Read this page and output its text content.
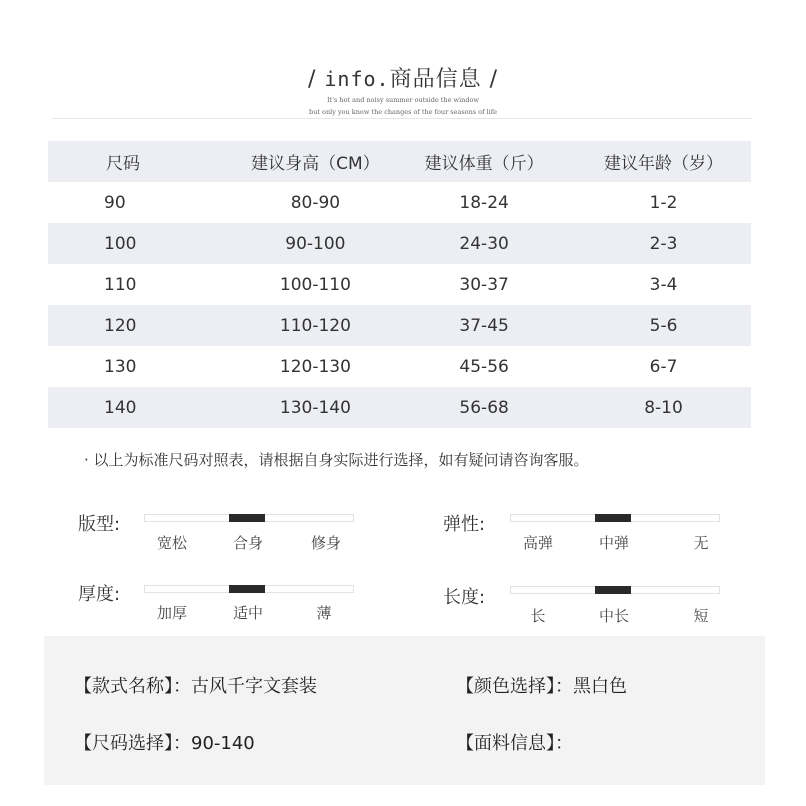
/ info.商品信息 /
It's hot and noisy summer outside the window
but only you know the changes of the four seasons of life
尺码	建议身高（CM）	建议体重（斤）	建议年龄（岁）
90	80-90	18-24	1-2
100	90-100	24-30	2-3
110	100-110	30-37	3-4
120	110-120	37-45	5-6
130	120-130	45-56	6-7
140	130-140	56-68	8-10
· 以上为标准尺码对照表，请根据自身实际进行选择，如有疑问请咨询客服。
版型:
宽松	合身	修身
弹性:
高弹	中弹	无
厚度:
加厚	适中	薄
长度:
长	中长	短
【款式名称】：古风千字文套装	【颜色选择】：黑白色
【尺码选择】：90-140	【面料信息】：
